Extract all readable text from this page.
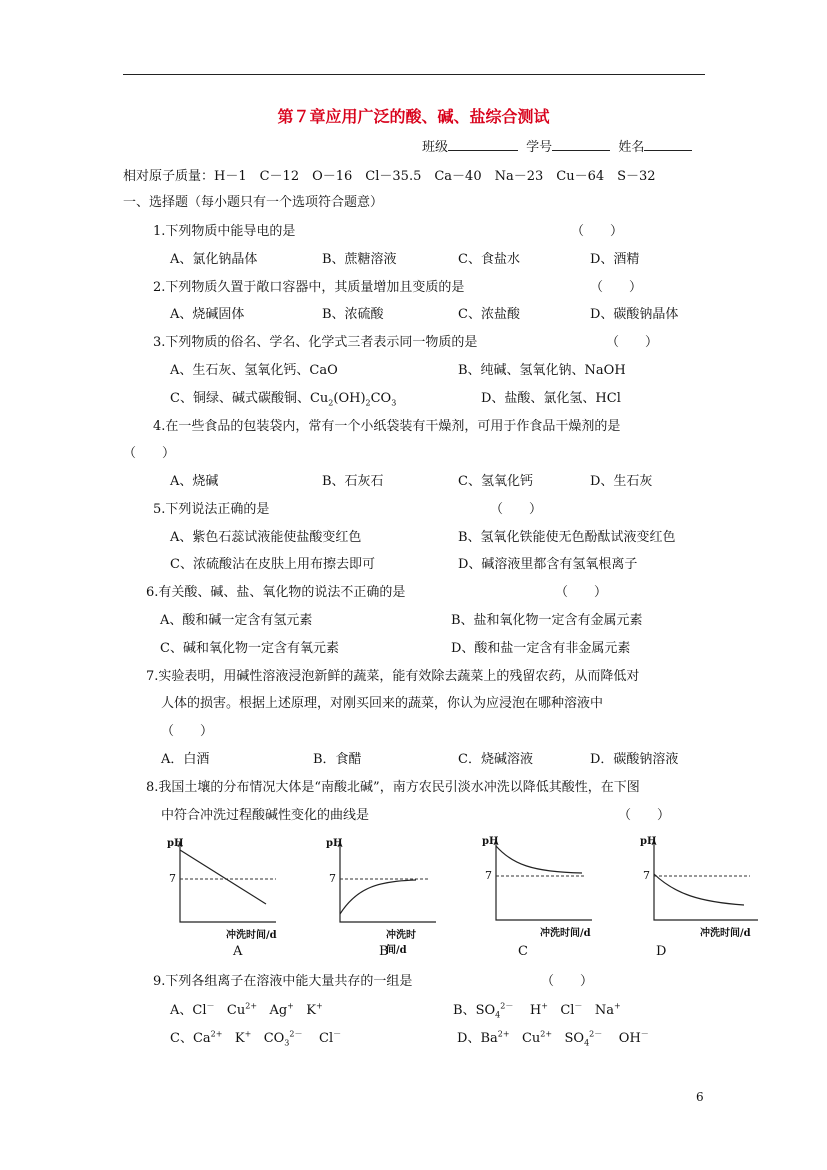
第７章应用广泛的酸、碱、盐综合测试
班级	学号	姓名
相对原子质量：H－1　C－12　O－16　Cl－35.5　Ca－40　Na－23　Cu－64　S－32
一、选择题（每小题只有一个选项符合题意）
1.下列物质中能导电的是	（　　）
A、氯化钠晶体	B、蔗糖溶液	C、食盐水	D、酒精
2.下列物质久置于敞口容器中，其质量增加且变质的是	（　　）
A、烧碱固体	B、浓硫酸	C、浓盐酸	D、碳酸钠晶体
3.下列物质的俗名、学名、化学式三者表示同一物质的是	（　　）
A、生石灰、氢氧化钙、CaO	B、纯碱、氢氧化钠、NaOH
C、铜绿、碱式碳酸铜、$Cu_2(OH)_2CO_3$	D、盐酸、氯化氢、HCl
4.在一些食品的包装袋内，常有一个小纸袋装有干燥剂，可用于作食品干燥剂的是
（　　）
A、烧碱	B、石灰石	C、氢氧化钙	D、生石灰
5.下列说法正确的是	（　　）
A、紫色石蕊试液能使盐酸变红色	B、氢氧化铁能使无色酚酞试液变红色
C、浓硫酸沾在皮肤上用布擦去即可	D、碱溶液里都含有氢氧根离子
6.有关酸、碱、盐、氧化物的说法不正确的是	（　　）
A、酸和碱一定含有氢元素	B、盐和氧化物一定含有金属元素
C、碱和氧化物一定含有氧元素	D、酸和盐一定含有非金属元素
7.实验表明，用碱性溶液浸泡新鲜的蔬菜，能有效除去蔬菜上的残留农药，从而降低对
人体的损害。根据上述原理，对刚买回来的蔬菜，你认为应浸泡在哪种溶液中
（　　）
A．白酒	B．食醋	C．烧碱溶液	D．碳酸钠溶液
8.我国土壤的分布情况大体是“南酸北碱”，南方农民引淡水冲洗以降低其酸性，在下图
中符合冲洗过程酸碱性变化的曲线是	（　　）
pH
7
冲洗时间/d
A
pH
7
冲洗时间/d
B
pH
7
冲洗时间/d
C
pH
7
冲洗时间/d
D
9.下列各组离子在溶液中能大量共存的一组是	（　　）
A、Cl－ $Cu^{2+}$ Ag+ K+	B、$SO_4^{2-}$ H+ Cl－ Na+
C、$Ca^{2+}$ K+ $CO_3^{2-}$ Cl－	D、$Ba^{2+}$ $Cu^{2+}$ $SO_4^{2-}$ OH－
6
